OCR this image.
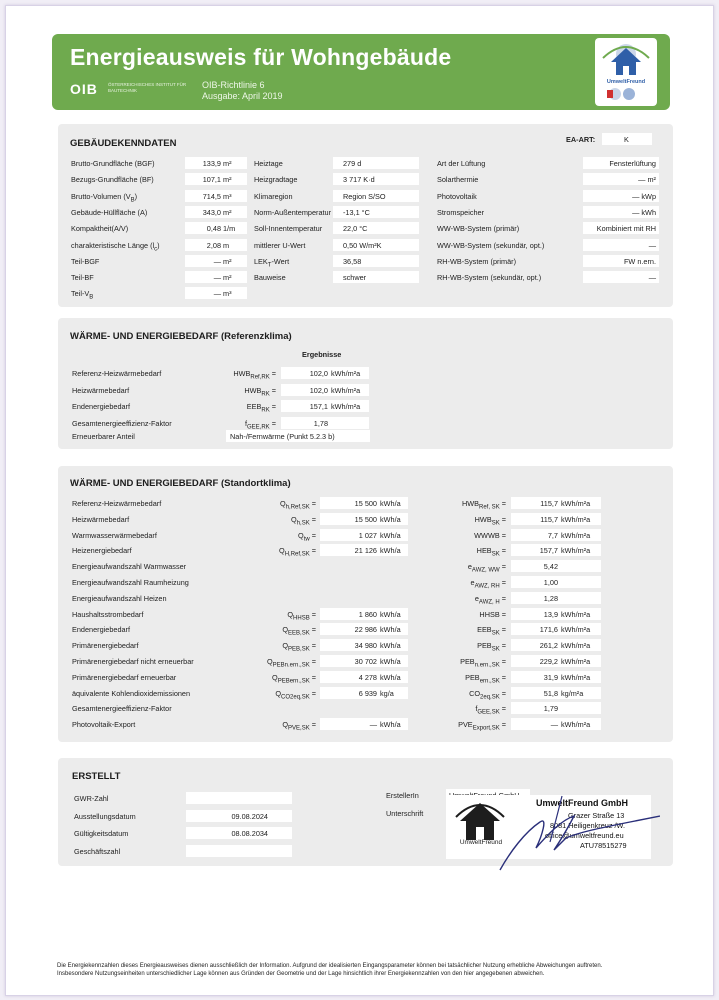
Energieausweis für Wohngebäude
OIB ÖSTERREICHISCHES INSTITUT FÜR BAUTECHNIK
OIB-Richtlinie 6
Ausgabe: April 2019
UmweltFreund
GEBÄUDEKENNDATEN	EA-ART:	K
Brutto-Grundfläche (BGF)	133,9 m²
Bezugs-Grundfläche (BF)	107,1 m²
Brutto-Volumen $(V_B)$	714,5 m³
Gebäude-Hüllfläche (A)	343,0 m²
Kompaktheit(A/V)	0,48 1/m
charakteristische Länge $(l_c)$	2,08 m
Teil-BGF	— m²
Teil-BF	— m²
Teil-$V_B$	— m³
Heiztage	279 d
Heizgradtage	3 717 K·d
Klimaregion	Region S/SO
Norm-Außentemperatur -13,1 °C
Soll-Innentemperatur	22,0 °C
mittlerer U-Wert	0,50 W/m²K
$LEK_T$-Wert	36,58
Bauweise	schwer
Art der Lüftung	Fensterlüftung
Solarthermie	— m²
Photovoltaik	— kWp
Stromspeicher	— kWh
WW-WB-System (primär)	Kombiniert mit RH
WW-WB-System (sekundär, opt.)	—
RH-WB-System (primär)	FW n.ern.
RH-WB-System (sekundär, opt.)	—
WÄRME- UND ENERGIEBEDARF (Referenzklima)
Ergebnisse
Referenz-Heizwärmebedarf	$HWB_{Ref,RK}$ =	102,0 kWh/m²a
Heizwärmebedarf	$HWB_{RK}$ =	102,0 kWh/m²a
Endenergiebedarf	$EEB_{RK}$ =	157,1 kWh/m²a
Gesamtenergieeffizienz-Faktor	$f_{GEE,RK}$ =	1,78
Erneuerbarer Anteil	Nah-/Fernwärme (Punkt 5.2.3 b)
WÄRME- UND ENERGIEBEDARF (Standortklima)
Referenz-Heizwärmebedarf	$Q_{h,Ref,SK}$ =	15 500 kWh/a	$HWB_{Ref, SK}$ =	115,7 kWh/m²a
Heizwärmebedarf	$Q_{h,SK}$ =	15 500 kWh/a	$HWB_{SK}$ =	115,7 kWh/m²a
Warmwasserwärmebedarf	$Q_{tw}$ =	1 027 kWh/a	WWWB =	7,7 kWh/m²a
Heizenergiebedarf	$Q_{H,Ref,SK}$ =	21 126 kWh/a	$HEB_{SK}$ =	157,7 kWh/m²a
Energieaufwandszahl Warmwasser	$e_{AWZ, WW}$ =	5,42
Energieaufwandszahl Raumheizung	$e_{AWZ, RH}$ =	1,00
Energieaufwandszahl Heizen	$e_{AWZ, H}$ =	1,28
Haushaltsstrombedarf	$Q_{HHSB}$ =	1 860 kWh/a	HHSB =	13,9 kWh/m²a
Endenergiebedarf	$Q_{EEB,SK}$ =	22 986 kWh/a	$EEB_{SK}$ =	171,6 kWh/m²a
Primärenergiebedarf	$Q_{PEB,SK}$ =	34 980 kWh/a	$PEB_{SK}$ =	261,2 kWh/m²a
Primärenergiebedarf nicht erneuerbar	$Q_{PEBn.ern.,SK}$ =	30 702 kWh/a	$PEB_{n.ern.,SK}$ =	229,2 kWh/m²a
Primärenergiebedarf erneuerbar	$Q_{PEBern.,SK}$ =	4 278 kWh/a	$PEB_{ern.,SK}$ =	31,9 kWh/m²a
äquivalente Kohlendioxidemissionen	$Q_{CO2eq,SK}$ =	6 939 kg/a	$CO_{2eq,SK}$ =	51,8 kg/m²a
Gesamtenergieeffizienz-Faktor	$f_{GEE,SK}$ =	1,79
Photovoltaik-Export	$Q_{PVE,SK}$ =	— kWh/a	$PVE_{Export,SK}$ =	— kWh/m²a
ERSTELLT
GWR-Zahl
Ausstellungsdatum	09.08.2024
Gültigkeitsdatum	08.08.2034
Geschäftszahl
ErstellerIn
Unterschrift
UmweltFreund
UmweltFreund GmbH
Grazer Straße 13
8081 Heiligenkreuz /W.
office@umweltfreund.eu
ATU78515279
Die Energiekennzahlen dieses Energieausweises dienen ausschließlich der Information. Aufgrund der idealisierten Eingangsparameter können bei tatsächlicher Nutzung erhebliche Abweichungen auftreten.
Insbesondere Nutzungseinheiten unterschiedlicher Lage können aus Gründen der Geometrie und der Lage hinsichtlich ihrer Energiekennzahlen von den hier angegebenen abweichen.
